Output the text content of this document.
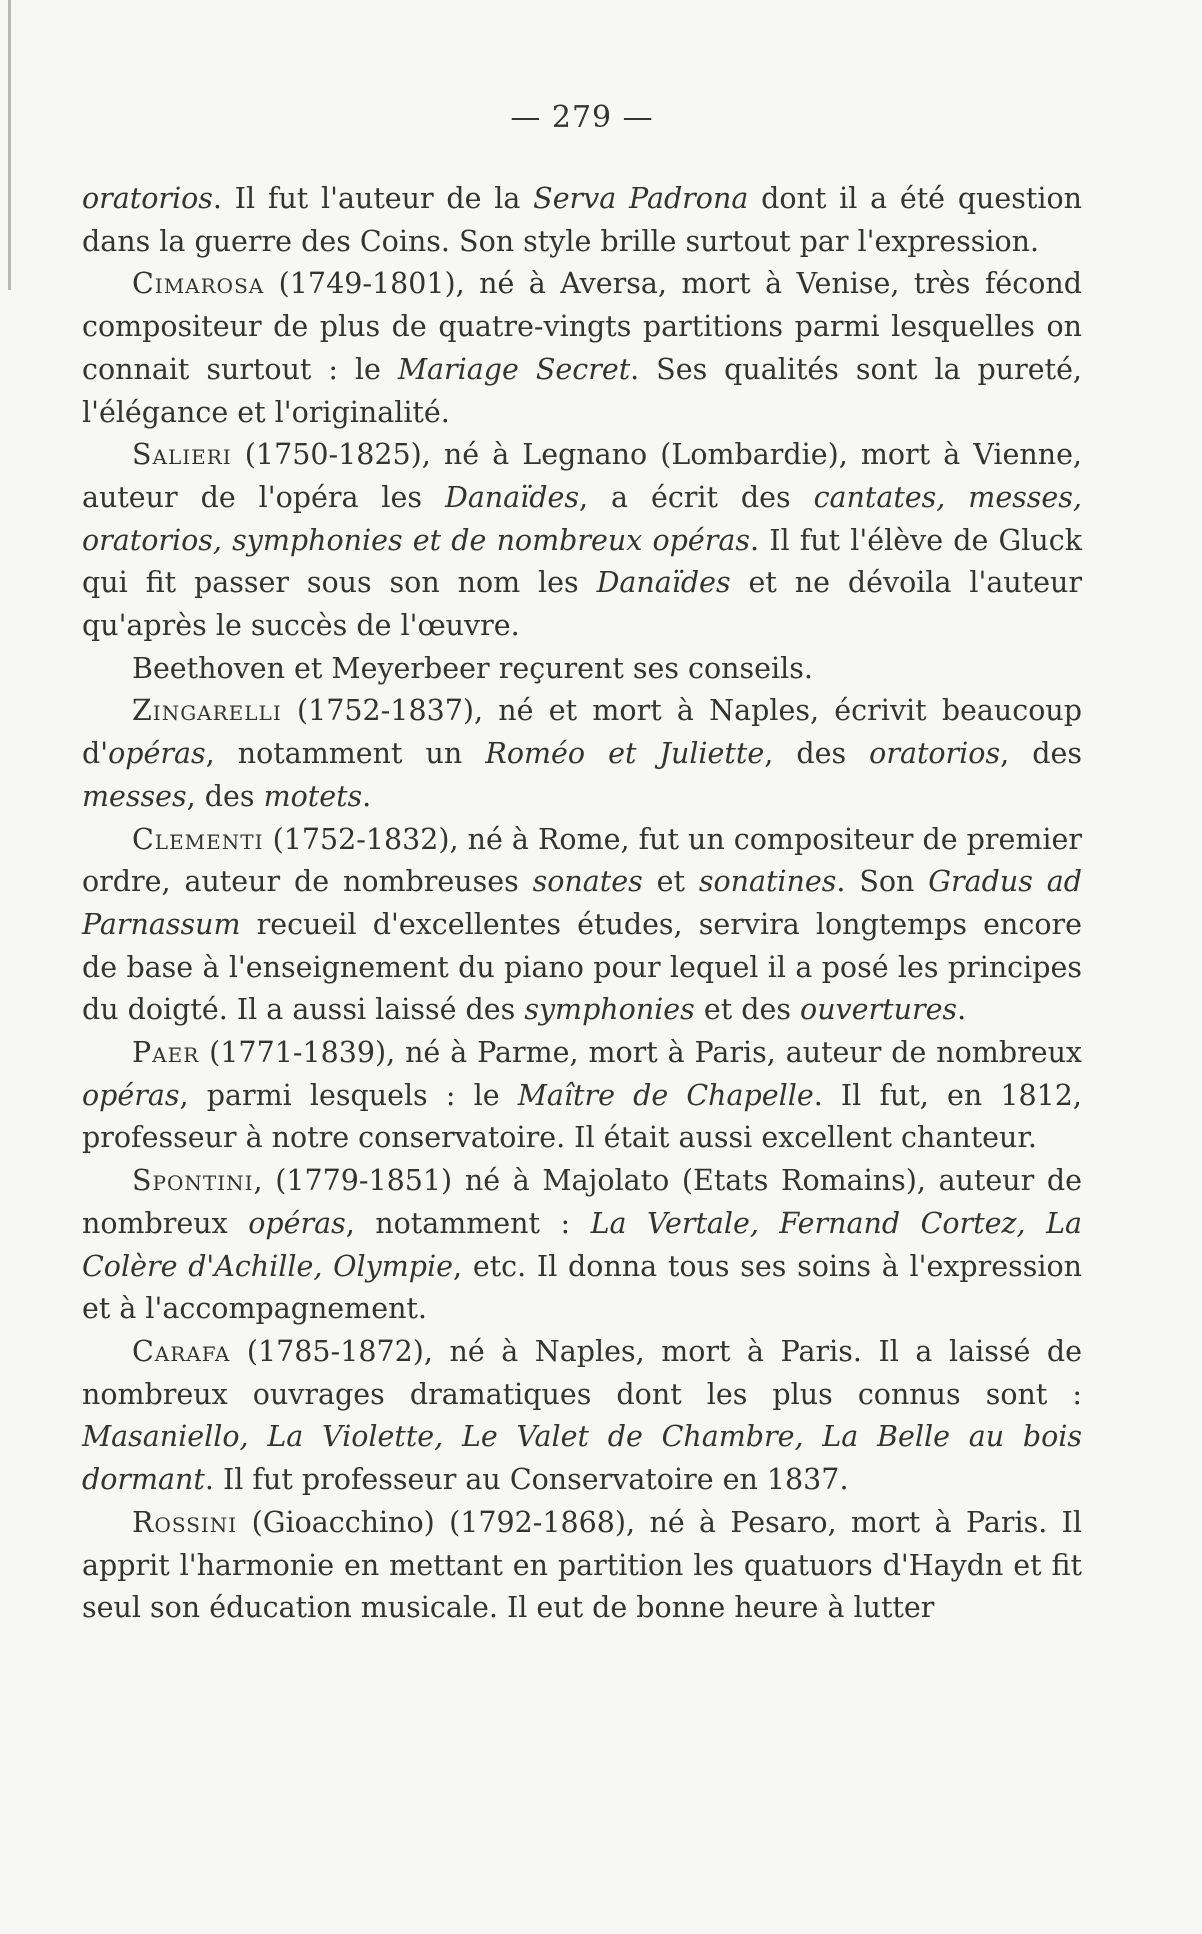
— 279 —

oratorios. Il fut l'auteur de la Serva Padrona dont il a été question dans la guerre des Coins. Son style brille surtout par l'expression.

Cimarosa (1749-1801), né à Aversa, mort à Venise, très fécond compositeur de plus de quatre-vingts partitions parmi lesquelles on connait surtout : le Mariage Secret. Ses qualités sont la pureté, l'élégance et l'originalité.

Salieri (1750-1825), né à Legnano (Lombardie), mort à Vienne, auteur de l'opéra les Danaïdes, a écrit des cantates, messes, oratorios, symphonies et de nombreux opéras. Il fut l'élève de Gluck qui fit passer sous son nom les Danaïdes et ne dévoila l'auteur qu'après le succès de l'œuvre.

Beethoven et Meyerbeer reçurent ses conseils.

Zingarelli (1752-1837), né et mort à Naples, écrivit beaucoup d'opéras, notamment un Roméo et Juliette, des oratorios, des messes, des motets.

Clementi (1752-1832), né à Rome, fut un compositeur de premier ordre, auteur de nombreuses sonates et sonatines. Son Gradus ad Parnassum recueil d'excellentes études, servira longtemps encore de base à l'enseignement du piano pour lequel il a posé les principes du doigté. Il a aussi laissé des symphonies et des ouvertures.

Paer (1771-1839), né à Parme, mort à Paris, auteur de nombreux opéras, parmi lesquels : le Maître de Chapelle. Il fut, en 1812, professeur à notre conservatoire. Il était aussi excellent chanteur.

Spontini, (1779-1851) né à Majolato (Etats Romains), auteur de nombreux opéras, notamment : La Vertale, Fernand Cortez, La Colère d'Achille, Olympie, etc. Il donna tous ses soins à l'expression et à l'accompagnement.

Carafa (1785-1872), né à Naples, mort à Paris. Il a laissé de nombreux ouvrages dramatiques dont les plus connus sont : Masaniello, La Violette, Le Valet de Chambre, La Belle au bois dormant. Il fut professeur au Conservatoire en 1837.

Rossini (Gioacchino) (1792-1868), né à Pesaro, mort à Paris. Il apprit l'harmonie en mettant en partition les quatuors d'Haydn et fit seul son éducation musicale. Il eut de bonne heure à lutter
